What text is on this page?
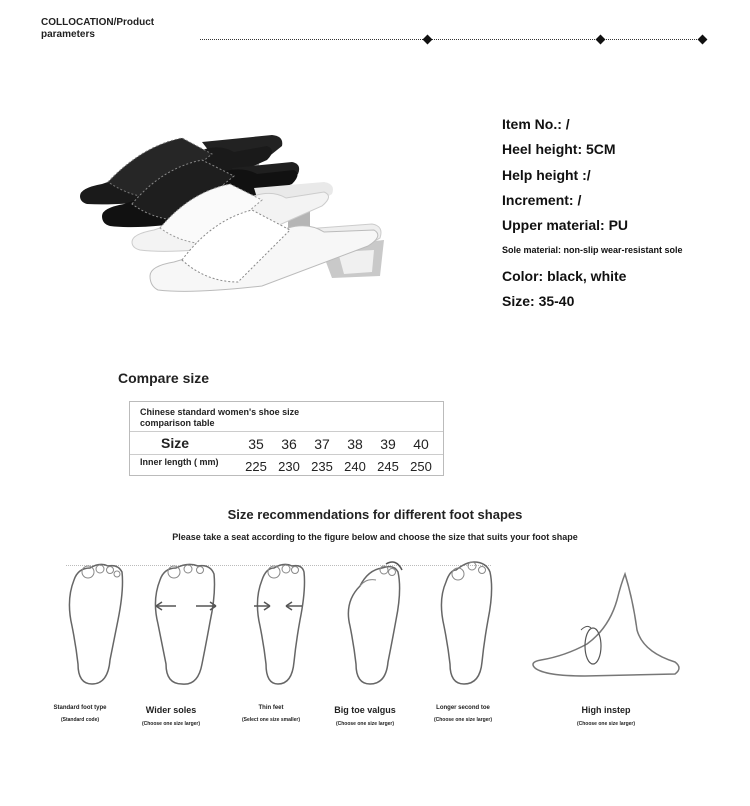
COLLOCATION/Product parameters
Item No.: /
Heel height: 5CM
Help height :/
Increment: /
Upper material: PU
Sole material: non-slip wear-resistant sole
Color: black, white
Size: 35-40
Compare size
Chinese standard women's shoe size comparison table
Size	35	36	37	38	39	40
Inner length ( mm)	225 230 235 240 245 250
Size recommendations for different foot shapes
Please take a seat according to the figure below and choose the size that suits your foot shape
Standard foot type
(Standard code)
Wider soles
(Choose one size larger)
Thin feet
(Select one size smaller)
Big toe valgus
(Choose one size larger)
Longer second toe
(Choose one size larger)
High instep
(Choose one size larger)
